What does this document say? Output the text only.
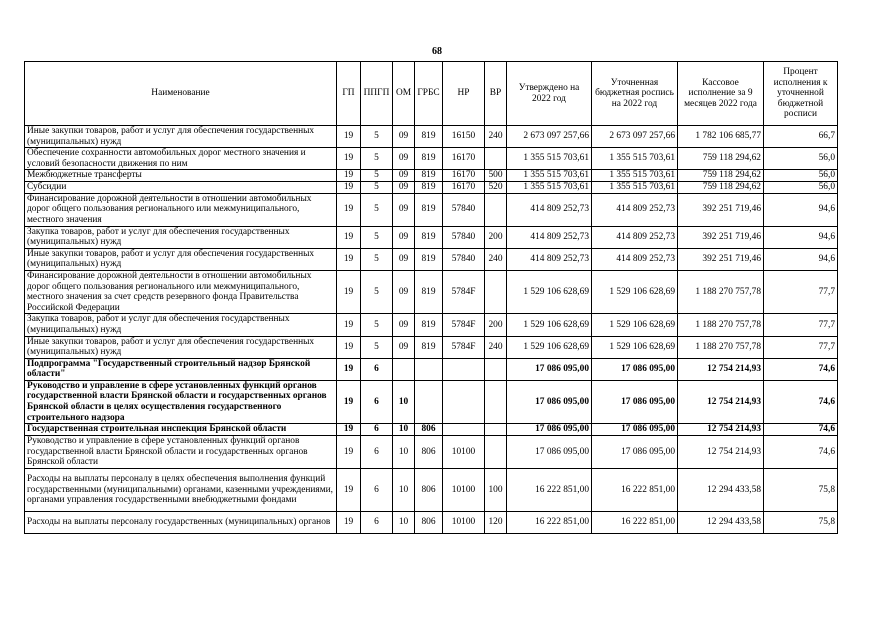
68
Наименование	ГП	ППГП	ОМ	ГРБС	НР	ВР	Утверждено на 2022 год	Уточненная бюджетная роспись на 2022 год	Кассовое исполнение за 9 месяцев 2022 года	Процент исполнения к уточненной бюджетной росписи
Иные закупки товаров, работ и услуг для обеспечения государственных (муниципальных) нужд	19	5	09	819	16150	240	2 673 097 257,66	2 673 097 257,66	1 782 106 685,77	66,7
Обеспечение сохранности автомобильных дорог местного значения и условий безопасности движения по ним	19	5	09	819	16170		1 355 515 703,61	1 355 515 703,61	759 118 294,62	56,0
Межбюджетные трансферты	19	5	09	819	16170	500	1 355 515 703,61	1 355 515 703,61	759 118 294,62	56,0
Субсидии	19	5	09	819	16170	520	1 355 515 703,61	1 355 515 703,61	759 118 294,62	56,0
Финансирование дорожной деятельности в отношении автомобильных дорог общего пользования регионального или межмуниципального, местного значения	19	5	09	819	57840		414 809 252,73	414 809 252,73	392 251 719,46	94,6
Закупка товаров, работ и услуг для обеспечения государственных (муниципальных) нужд	19	5	09	819	57840	200	414 809 252,73	414 809 252,73	392 251 719,46	94,6
Иные закупки товаров, работ и услуг для обеспечения государственных (муниципальных) нужд	19	5	09	819	57840	240	414 809 252,73	414 809 252,73	392 251 719,46	94,6
Финансирование дорожной деятельности в отношении автомобильных дорог общего пользования регионального или межмуниципального, местного значения за счет средств резервного фонда Правительства Российской Федерации	19	5	09	819	5784F		1 529 106 628,69	1 529 106 628,69	1 188 270 757,78	77,7
Закупка товаров, работ и услуг для обеспечения государственных (муниципальных) нужд	19	5	09	819	5784F	200	1 529 106 628,69	1 529 106 628,69	1 188 270 757,78	77,7
Иные закупки товаров, работ и услуг для обеспечения государственных (муниципальных) нужд	19	5	09	819	5784F	240	1 529 106 628,69	1 529 106 628,69	1 188 270 757,78	77,7
Подпрограмма "Государственный строительный надзор Брянской области"	19	6					17 086 095,00	17 086 095,00	12 754 214,93	74,6
Руководство и управление в сфере установленных функций органов государственной власти Брянской области и государственных органов Брянской области в целях осуществления государственного строительного надзора	19	6	10				17 086 095,00	17 086 095,00	12 754 214,93	74,6
Государственная строительная инспекция Брянской области	19	6	10	806			17 086 095,00	17 086 095,00	12 754 214,93	74,6
Руководство и управление в сфере установленных функций органов государственной власти Брянской области и государственных органов Брянской области	19	6	10	806	10100		17 086 095,00	17 086 095,00	12 754 214,93	74,6
Расходы на выплаты персоналу в целях обеспечения выполнения функций государственными (муниципальными) органами, казенными учреждениями, органами управления государственными внебюджетными фондами	19	6	10	806	10100	100	16 222 851,00	16 222 851,00	12 294 433,58	75,8
Расходы на выплаты персоналу государственных (муниципальных) органов	19	6	10	806	10100	120	16 222 851,00	16 222 851,00	12 294 433,58	75,8
